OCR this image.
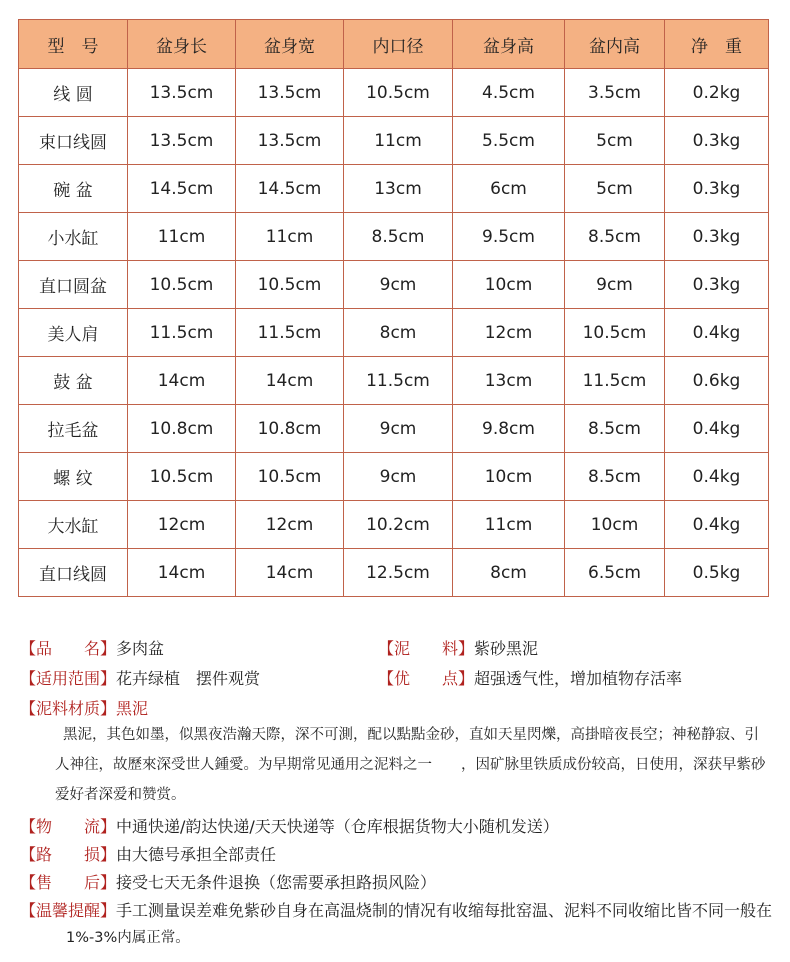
型　号	盆身长	盆身宽	内口径	盆身高	盆内高	净　重
线 圆	13.5cm	13.5cm	10.5cm	4.5cm	3.5cm	0.2kg
束口线圆	13.5cm	13.5cm	11cm	5.5cm	5cm	0.3kg
碗 盆	14.5cm	14.5cm	13cm	6cm	5cm	0.3kg
小水缸	11cm	11cm	8.5cm	9.5cm	8.5cm	0.3kg
直口圆盆	10.5cm	10.5cm	9cm	10cm	9cm	0.3kg
美人肩	11.5cm	11.5cm	8cm	12cm	10.5cm	0.4kg
鼓 盆	14cm	14cm	11.5cm	13cm	11.5cm	0.6kg
拉毛盆	10.8cm	10.8cm	9cm	9.8cm	8.5cm	0.4kg
螺 纹	10.5cm	10.5cm	9cm	10cm	8.5cm	0.4kg
大水缸	12cm	12cm	10.2cm	11cm	10cm	0.4kg
直口线圆	14cm	14cm	12.5cm	8cm	6.5cm	0.5kg
【品　　名】多肉盆	【泥　　料】紫砂黑泥
【适用范围】花卉绿植　摆件观赏	【优　　点】超强透气性，增加植物存活率
【泥料材质】黑泥
黑泥，其色如墨，似黑夜浩瀚天際，深不可測，配以點點金砂，直如天星閃爍，高掛暗夜長空；神秘静寂、引人神往，故歷來深受世人鍾愛。为早期常见通用之泥料之一　　，因矿脉里铁质成份较高，日使用，深获早紫砂爱好者深爱和赞赏。
【物　　流】中通快递/韵达快递/天天快递等（仓库根据货物大小随机发送）
【路　　损】由大德号承担全部责任
【售　　后】接受七天无条件退换（您需要承担路损风险）
【温馨提醒】手工测量误差难免紫砂自身在高温烧制的情况有收缩每批窑温、泥料不同收缩比皆不同一般在
1%-3%内属正常。
